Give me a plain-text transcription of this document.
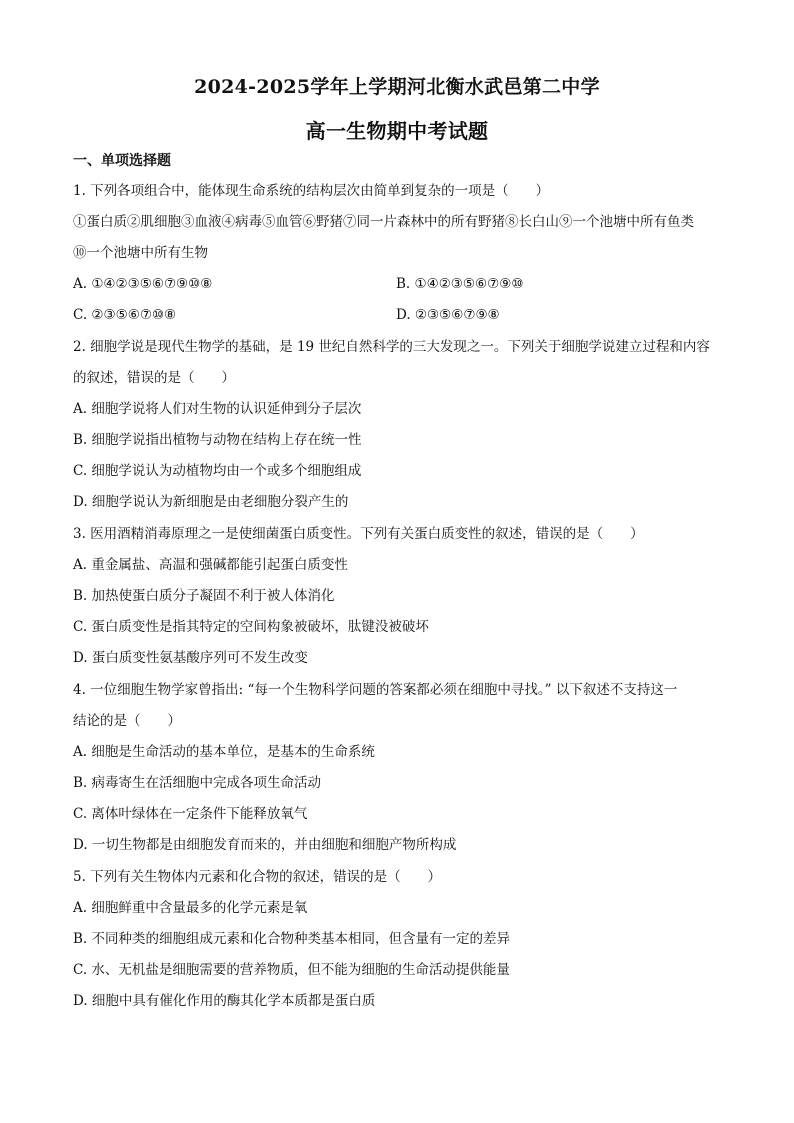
2024-2025学年上学期河北衡水武邑第二中学
高一生物期中考试题
一、单项选择题
1. 下列各项组合中，能体现生命系统的结构层次由简单到复杂的一项是（　　）
①蛋白质②肌细胞③血液④病毒⑤血管⑥野猪⑦同一片森林中的所有野猪⑧长白山⑨一个池塘中所有鱼类
⑩一个池塘中所有生物
A. ①④②③⑤⑥⑦⑨⑩⑧	B. ①④②③⑤⑥⑦⑨⑩
C. ②③⑤⑥⑦⑩⑧	D. ②③⑤⑥⑦⑨⑧
2. 细胞学说是现代生物学的基础，是 19 世纪自然科学的三大发现之一。下列关于细胞学说建立过程和内容
的叙述，错误的是（　　）
A. 细胞学说将人们对生物的认识延伸到分子层次
B. 细胞学说指出植物与动物在结构上存在统一性
C. 细胞学说认为动植物均由一个或多个细胞组成
D. 细胞学说认为新细胞是由老细胞分裂产生的
3. 医用酒精消毒原理之一是使细菌蛋白质变性。下列有关蛋白质变性的叙述，错误的是（　　）
A. 重金属盐、高温和强碱都能引起蛋白质变性
B. 加热使蛋白质分子凝固不利于被人体消化
C. 蛋白质变性是指其特定的空间构象被破坏，肽键没被破坏
D. 蛋白质变性氨基酸序列可不发生改变
4. 一位细胞生物学家曾指出: “每一个生物科学问题的答案都必须在细胞中寻找。” 以下叙述不支持这一
结论的是（　　）
A. 细胞是生命活动的基本单位，是基本的生命系统
B. 病毒寄生在活细胞中完成各项生命活动
C. 离体叶绿体在一定条件下能释放氧气
D. 一切生物都是由细胞发育而来的，并由细胞和细胞产物所构成
5. 下列有关生物体内元素和化合物的叙述，错误的是（　　）
A. 细胞鲜重中含量最多的化学元素是氧
B. 不同种类的细胞组成元素和化合物种类基本相同，但含量有一定的差异
C. 水、无机盐是细胞需要的营养物质，但不能为细胞的生命活动提供能量
D. 细胞中具有催化作用的酶其化学本质都是蛋白质
